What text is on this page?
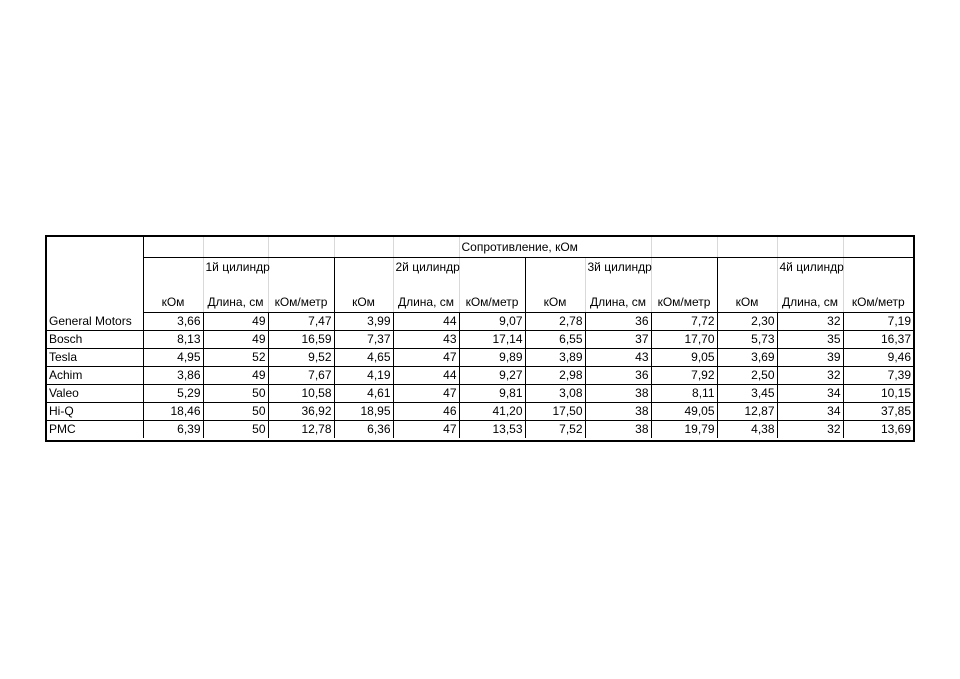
						Сопротивление, кОм						
		1й цилиндр			2й цилиндр			3й цилиндр			4й цилиндр	

	кОм	Длина, см	кОм/метр	кОм	Длина, см	кОм/метр	кОм	Длина, см	кОм/метр	кОм	Длина, см	кОм/метр
General Motors	3,66	49	7,47	3,99	44	9,07	2,78	36	7,72	2,30	32	7,19
Bosch	8,13	49	16,59	7,37	43	17,14	6,55	37	17,70	5,73	35	16,37
Tesla	4,95	52	9,52	4,65	47	9,89	3,89	43	9,05	3,69	39	9,46
Achim	3,86	49	7,67	4,19	44	9,27	2,98	36	7,92	2,50	32	7,39
Valeo	5,29	50	10,58	4,61	47	9,81	3,08	38	8,11	3,45	34	10,15
Hi-Q	18,46	50	36,92	18,95	46	41,20	17,50	38	49,05	12,87	34	37,85
PMC	6,39	50	12,78	6,36	47	13,53	7,52	38	19,79	4,38	32	13,69
